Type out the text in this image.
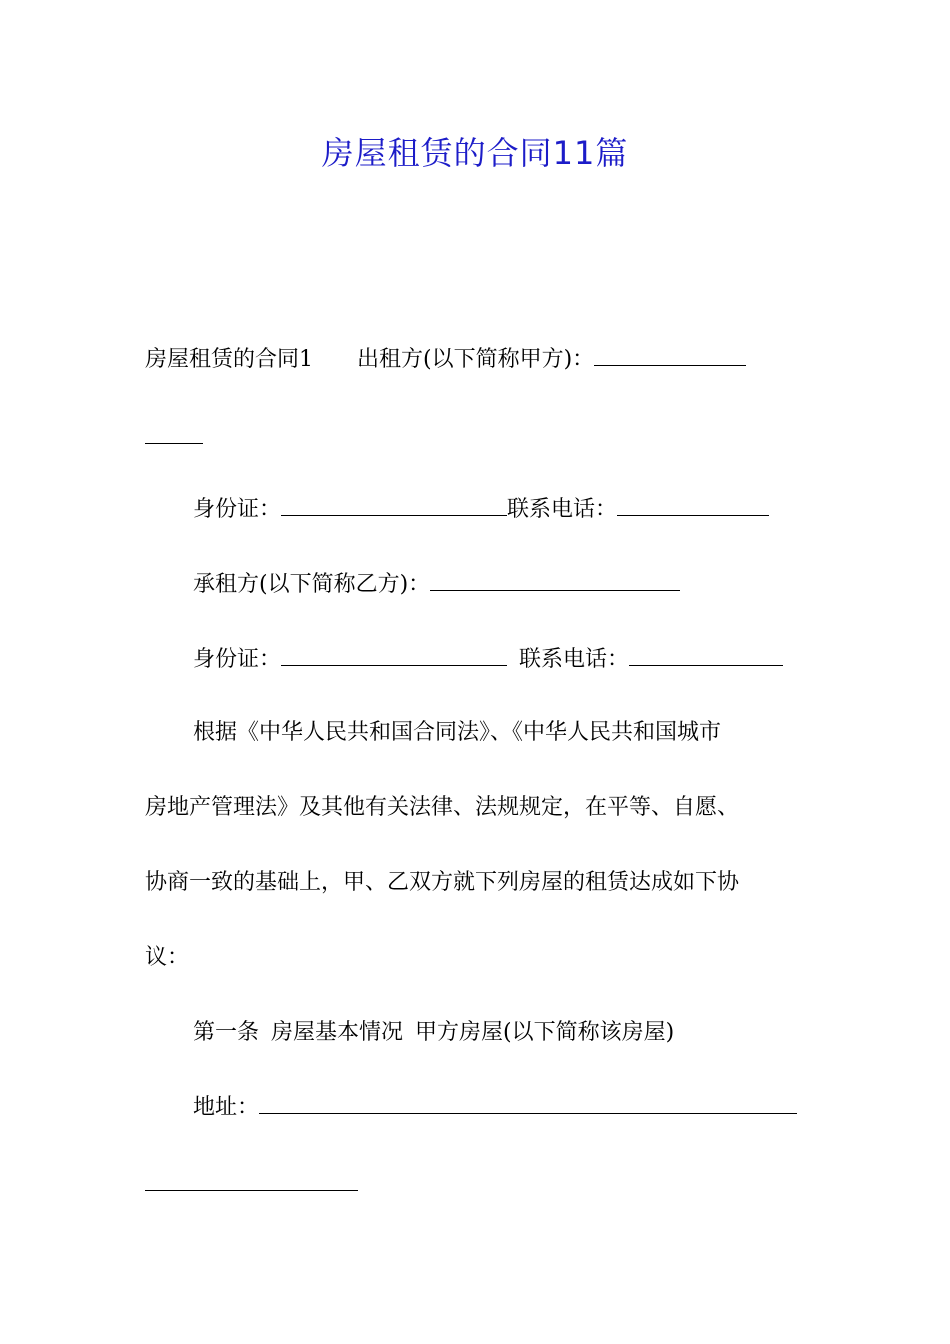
房屋租赁的合同11篇
房屋租赁的合同1 出租方(以下简称甲方)：
身份证：	联系电话：
承租方(以下简称乙方)：
身份证：	联系电话：
根据《中华人民共和国合同法》、《中华人民共和国城市
房地产管理法》及其他有关法律、法规规定，在平等、自愿、
协商一致的基础上，甲、乙双方就下列房屋的租赁达成如下协
议：
第一条 房屋基本情况 甲方房屋(以下简称该房屋)
地址：
